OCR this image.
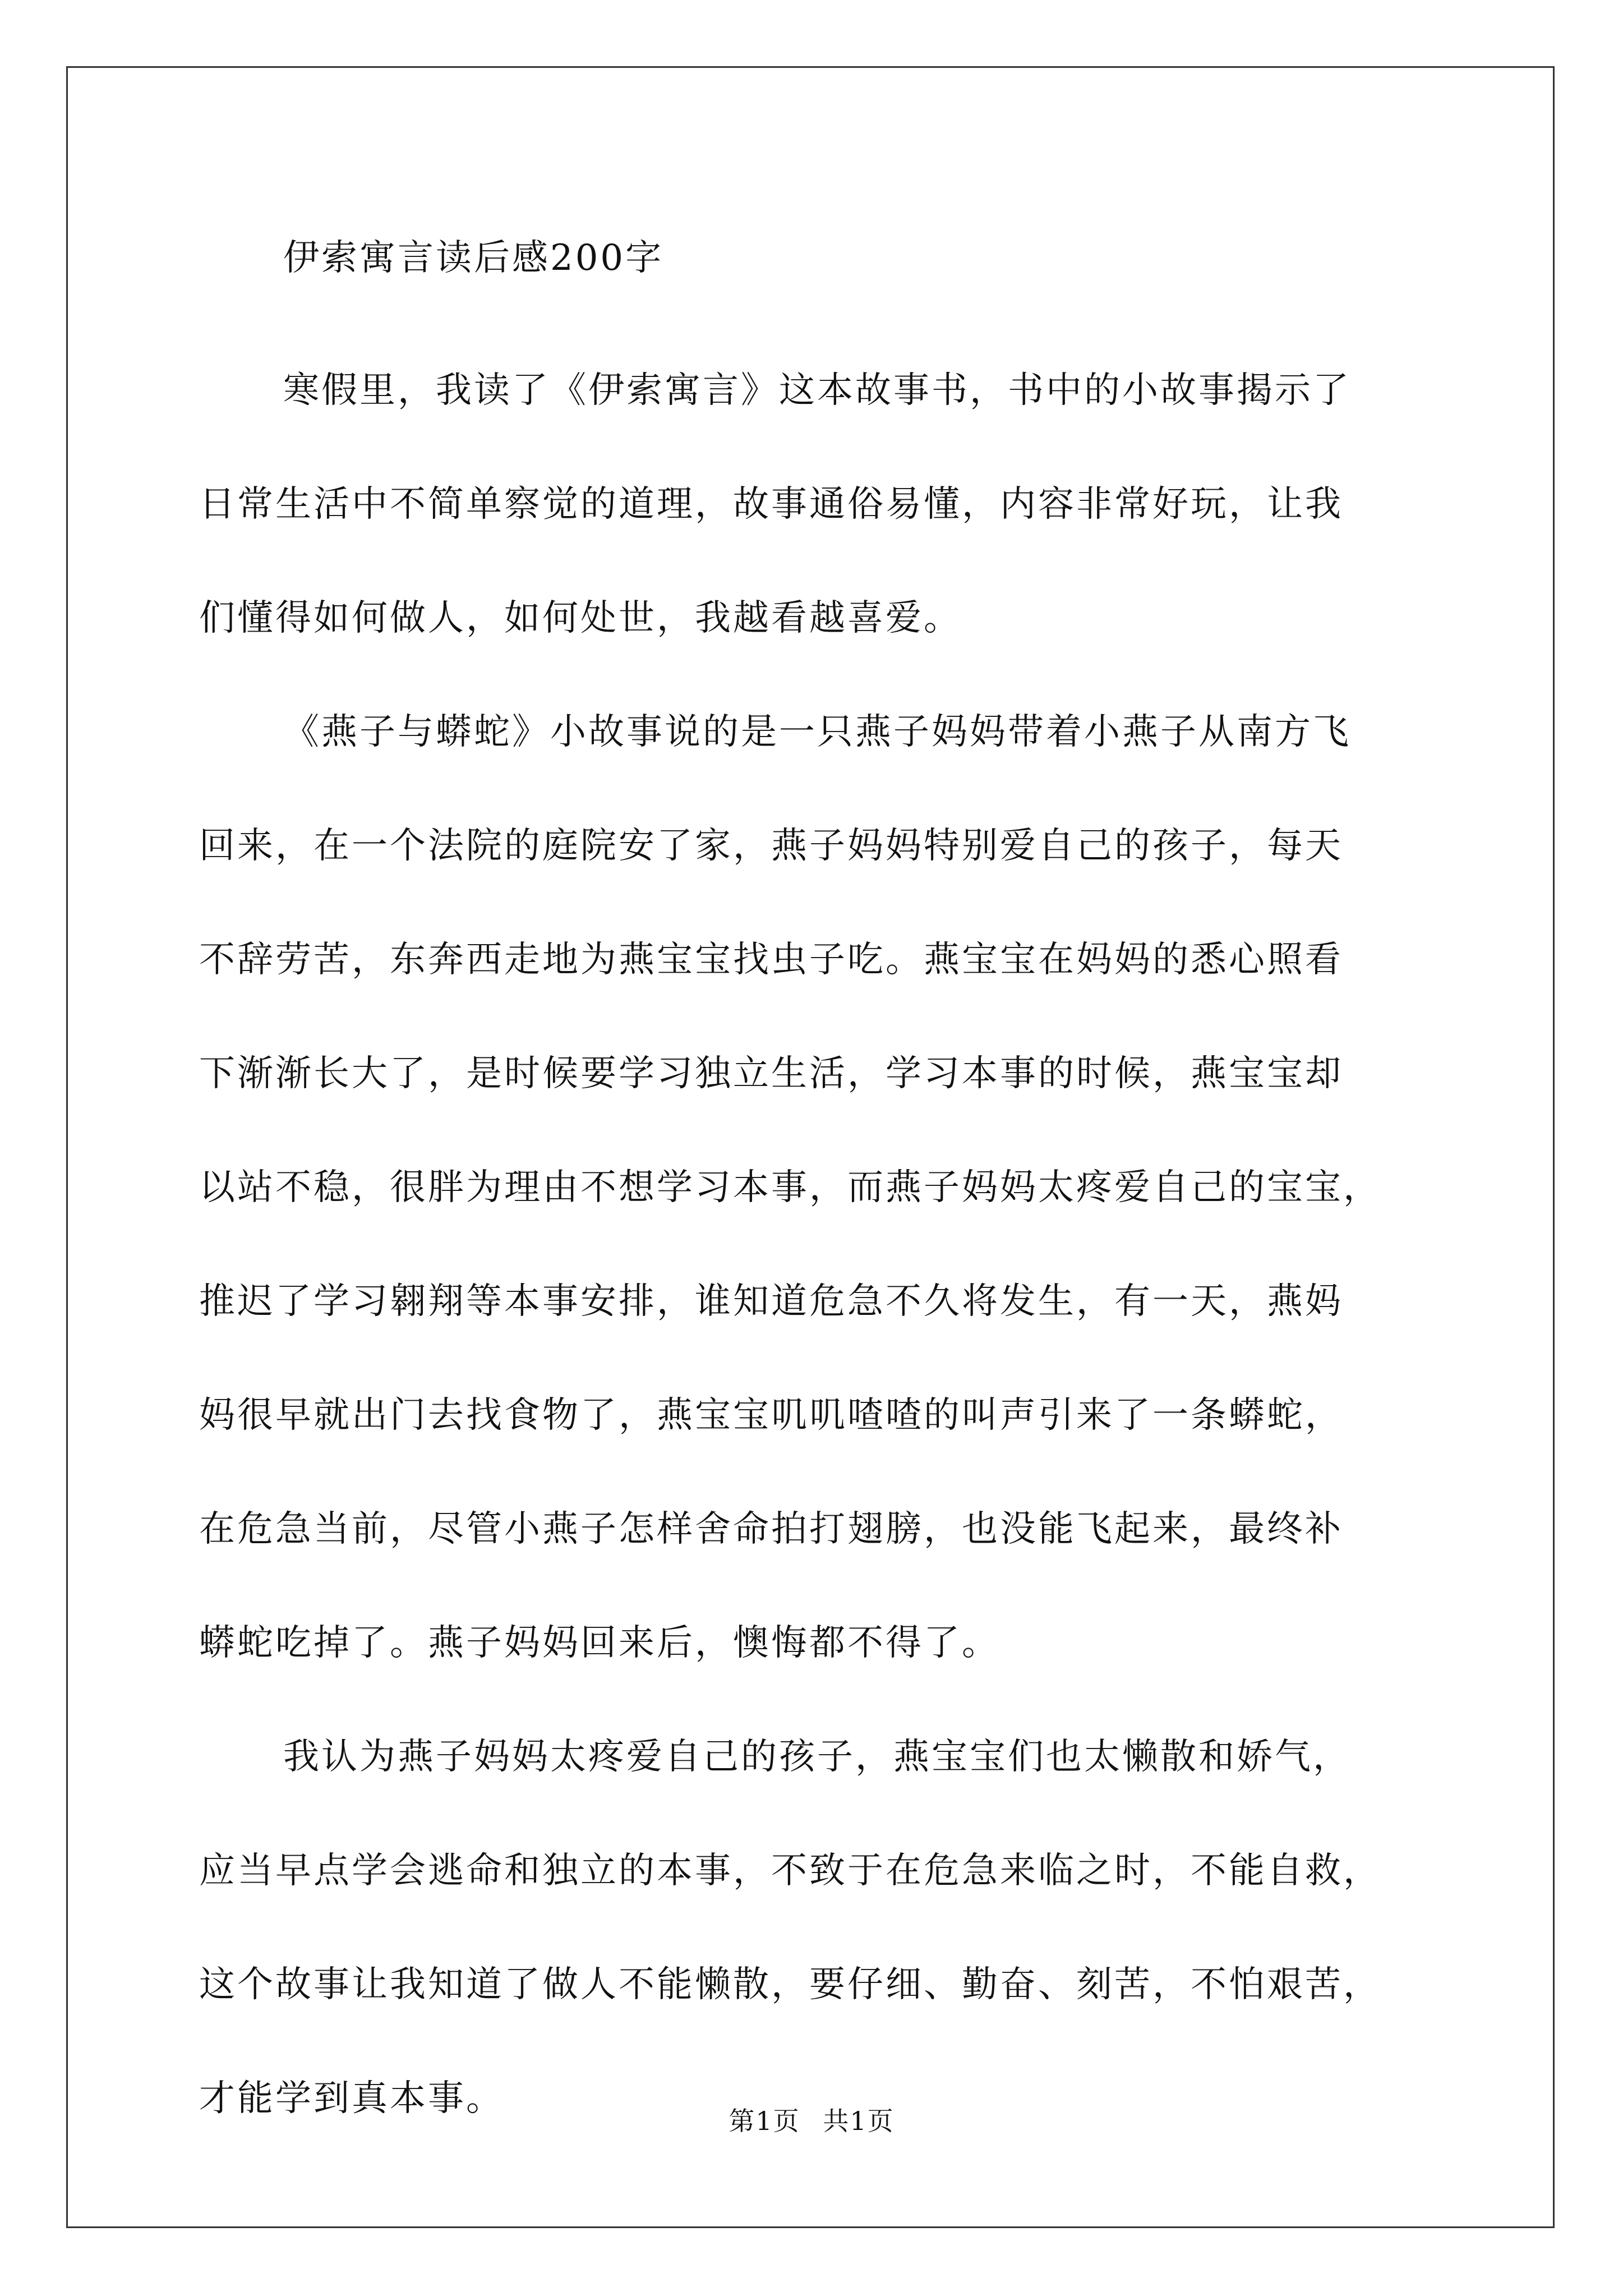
伊索寓言读后感200字
寒假里，我读了《伊索寓言》这本故事书，书中的小故事揭示了
日常生活中不简单察觉的道理，故事通俗易懂，内容非常好玩，让我
们懂得如何做人，如何处世，我越看越喜爱。
《燕子与蟒蛇》小故事说的是一只燕子妈妈带着小燕子从南方飞
回来，在一个法院的庭院安了家，燕子妈妈特别爱自己的孩子，每天
不辞劳苦，东奔西走地为燕宝宝找虫子吃。燕宝宝在妈妈的悉心照看
下渐渐长大了，是时候要学习独立生活，学习本事的时候，燕宝宝却
以站不稳，很胖为理由不想学习本事，而燕子妈妈太疼爱自己的宝宝，
推迟了学习翱翔等本事安排，谁知道危急不久将发生，有一天，燕妈
妈很早就出门去找食物了，燕宝宝叽叽喳喳的叫声引来了一条蟒蛇，
在危急当前，尽管小燕子怎样舍命拍打翅膀，也没能飞起来，最终补
蟒蛇吃掉了。燕子妈妈回来后，懊悔都不得了。
我认为燕子妈妈太疼爱自己的孩子，燕宝宝们也太懒散和娇气，
应当早点学会逃命和独立的本事，不致于在危急来临之时，不能自救，
这个故事让我知道了做人不能懒散，要仔细、勤奋、刻苦，不怕艰苦，
才能学到真本事。
第1页 共1页
